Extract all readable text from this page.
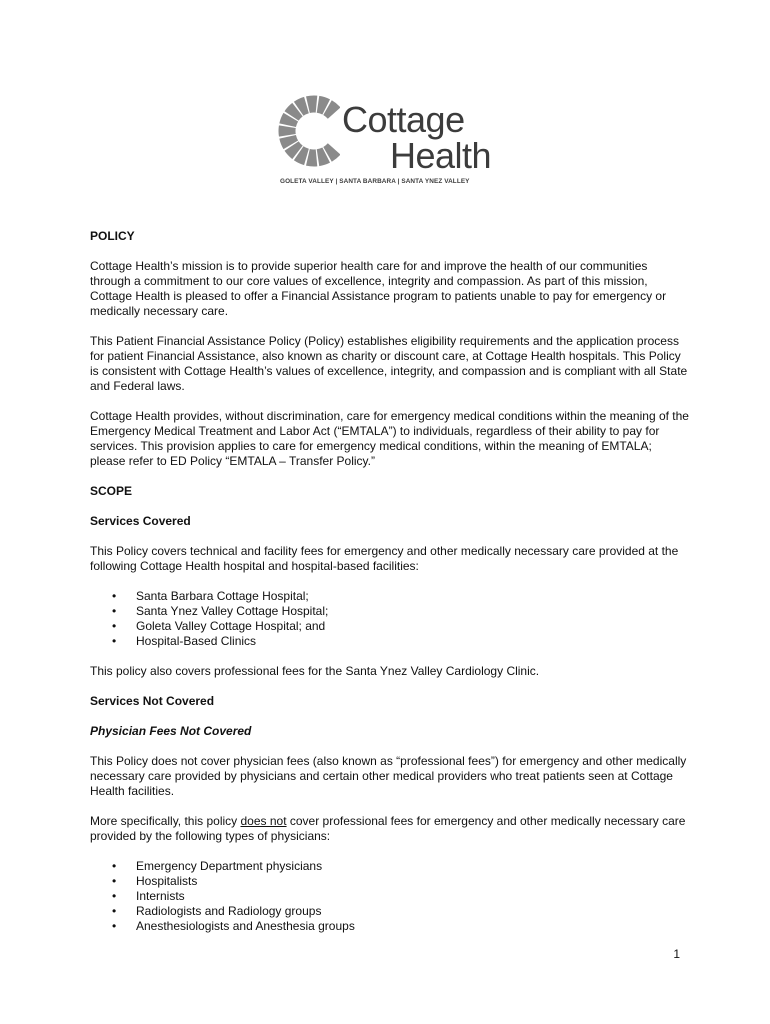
Cottage
Health
GOLETA VALLEY | SANTA BARBARA | SANTA YNEZ VALLEY
POLICY

Cottage Health’s mission is to provide superior health care for and improve the health of our communities through a commitment to our core values of excellence, integrity and compassion. As part of this mission, Cottage Health is pleased to offer a Financial Assistance program to patients unable to pay for emergency or medically necessary care.

This Patient Financial Assistance Policy (Policy) establishes eligibility requirements and the application process for patient Financial Assistance, also known as charity or discount care, at Cottage Health hospitals. This Policy is consistent with Cottage Health’s values of excellence, integrity, and compassion and is compliant with all State and Federal laws.

Cottage Health provides, without discrimination, care for emergency medical conditions within the meaning of the Emergency Medical Treatment and Labor Act (“EMTALA”) to individuals, regardless of their ability to pay for services. This provision applies to care for emergency medical conditions, within the meaning of EMTALA; please refer to ED Policy “EMTALA – Transfer Policy.”

SCOPE
Services Covered

This Policy covers technical and facility fees for emergency and other medically necessary care provided at the following Cottage Health hospital and hospital-based facilities:

• Santa Barbara Cottage Hospital;
• Santa Ynez Valley Cottage Hospital;
• Goleta Valley Cottage Hospital; and
• Hospital-Based Clinics

This policy also covers professional fees for the Santa Ynez Valley Cardiology Clinic.

Services Not Covered
Physician Fees Not Covered

This Policy does not cover physician fees (also known as “professional fees”) for emergency and other medically necessary care provided by physicians and certain other medical providers who treat patients seen at Cottage Health facilities.

More specifically, this policy does not cover professional fees for emergency and other medically necessary care provided by the following types of physicians:

• Emergency Department physicians
• Hospitalists
• Internists
• Radiologists and Radiology groups
• Anesthesiologists and Anesthesia groups
1
